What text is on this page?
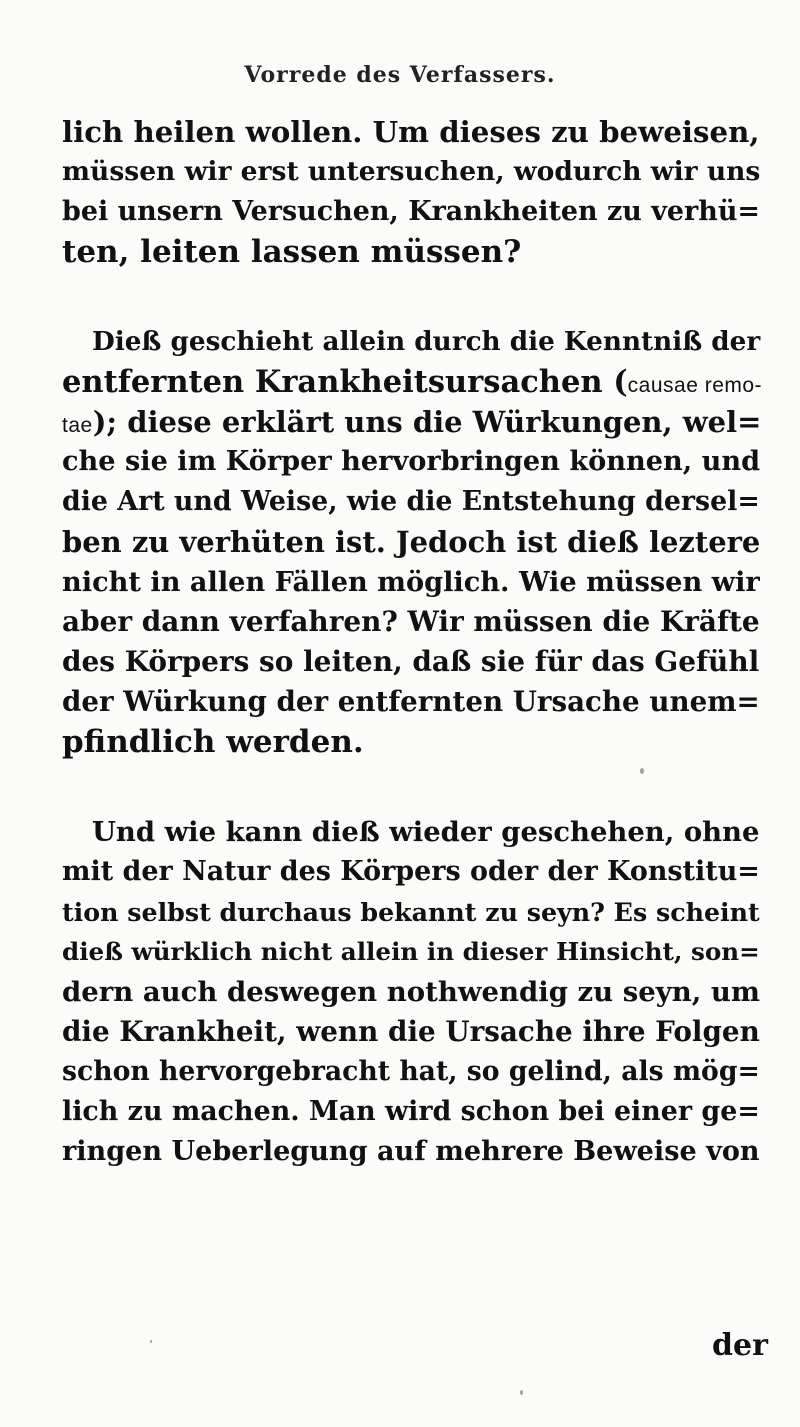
Vorrede des Verfassers.
lich heilen wollen. Um dieses zu beweisen,
müssen wir erst untersuchen, wodurch wir uns
bei unsern Versuchen, Krankheiten zu verhü=
ten, leiten lassen müssen?
Dieß geschieht allein durch die Kenntniß der
entfernten Krankheitsursachen (causae remo-
tae); diese erklärt uns die Würkungen, wel=
che sie im Körper hervorbringen können, und
die Art und Weise, wie die Entstehung dersel=
ben zu verhüten ist. Jedoch ist dieß leztere
nicht in allen Fällen möglich. Wie müssen wir
aber dann verfahren? Wir müssen die Kräfte
des Körpers so leiten, daß sie für das Gefühl
der Würkung der entfernten Ursache unem=
pfindlich werden.
Und wie kann dieß wieder geschehen, ohne
mit der Natur des Körpers oder der Konstitu=
tion selbst durchaus bekannt zu seyn? Es scheint
dieß würklich nicht allein in dieser Hinsicht, son=
dern auch deswegen nothwendig zu seyn, um
die Krankheit, wenn die Ursache ihre Folgen
schon hervorgebracht hat, so gelind, als mög=
lich zu machen. Man wird schon bei einer ge=
ringen Ueberlegung auf mehrere Beweise von
der
